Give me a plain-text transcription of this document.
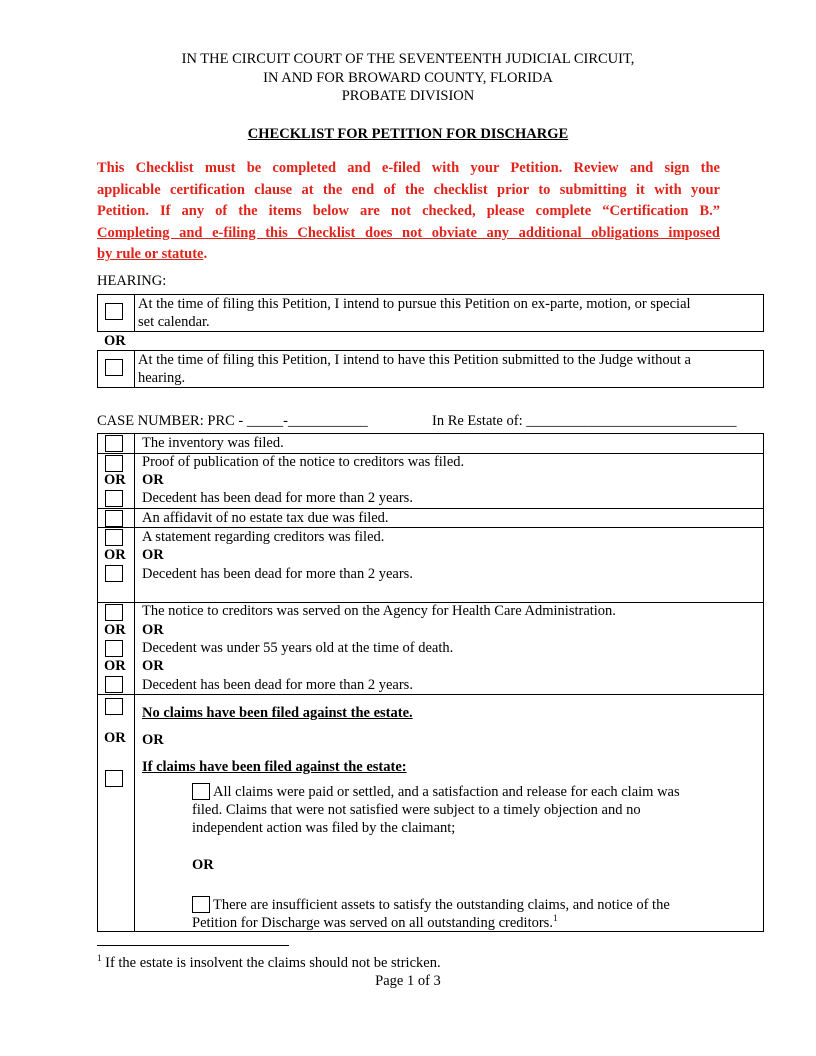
IN THE CIRCUIT COURT OF THE SEVENTEENTH JUDICIAL CIRCUIT,
IN AND FOR BROWARD COUNTY, FLORIDA
PROBATE DIVISION
CHECKLIST FOR PETITION FOR DISCHARGE
This Checklist must be completed and e-filed with your Petition. Review and sign the
applicable certification clause at the end of the checklist prior to submitting it with your
Petition. If any of the items below are not checked, please complete “Certification B.”
Completing and e-filing this Checklist does not obviate any additional obligations imposed
by rule or statute.
HEARING:
At the time of filing this Petition, I intend to pursue this Petition on ex-parte, motion, or special
set calendar.
OR
At the time of filing this Petition, I intend to have this Petition submitted to the Judge without a
hearing.
CASE NUMBER: PRC - _____-___________	In Re Estate of: _____________________________
The inventory was filed.
Proof of publication of the notice to creditors was filed.
OR OR
Decedent has been dead for more than 2 years.
An affidavit of no estate tax due was filed.
A statement regarding creditors was filed.
OR OR
Decedent has been dead for more than 2 years.
The notice to creditors was served on the Agency for Health Care Administration.
OR OR
Decedent was under 55 years old at the time of death.
OR OR
Decedent has been dead for more than 2 years.
No claims have been filed against the estate.
OR OR
If claims have been filed against the estate:
All claims were paid or settled, and a satisfaction and release for each claim was
filed. Claims that were not satisfied were subject to a timely objection and no
independent action was filed by the claimant;
OR
There are insufficient assets to satisfy the outstanding claims, and notice of the
Petition for Discharge was served on all outstanding creditors.$^1$
$^1$ If the estate is insolvent the claims should not be stricken.
Page 1 of 3
